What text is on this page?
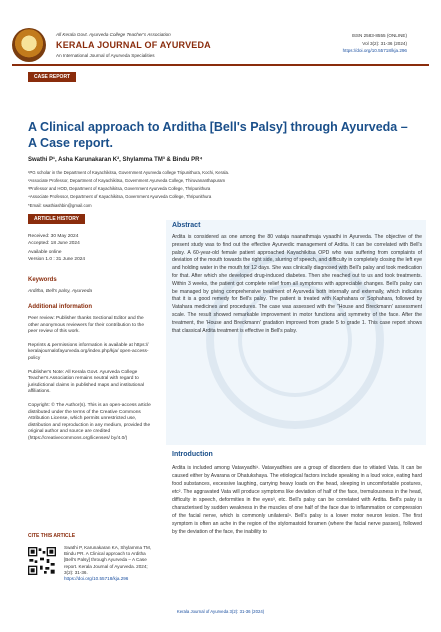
All Kerala Govt. Ayurveda College Teacher's Association
KERALA JOURNAL OF AYURVEDA
An International Journal of Ayurveda Specialities
ISSN 2583-8555 (ONLINE)
Vol 3(2): 31-36 (2024)
https://doi.org/10.55718/kja.296
CASE REPORT
A Clinical approach to Arditha [Bell's Palsy] through Ayurveda – A Case report.
Swathi P¹, Asha Karunakaran K², Shylamma TM³ & Bindu PR⁴
¹PG scholar in the Department of Kayachikitsa, Government Ayurveda college Tripunithura, Kochi, Kerala.
²Associate Professor, Department of Kayachikitsa, Government Ayurveda College, Thiruvananthapuram
³Professor and HOD, Department of Kayachikitsa, Government Ayurveda College, Thripunithura
⁴Associate Professor, Department of Kayachikitsa, Government Ayurveda College, Thripunithura
*Email: swathiashbin@gmail.com
ARTICLE HISTORY
Received: 30 May 2024
Accepted: 18 June 2024
Available online
Version 1.0 : 31 June 2024
Keywords
Arditha, Bell's palsy, Ayurveda
Additional information
Peer review: Publisher thanks Sectional Editor and the other anonymous reviewers for their contribution to the peer review of this work.
Reprints & permissions information is available at https:// keralajournalofayurveda.org/index.php/kja/ open-access-policy
Publisher's Note: All Kerala Govt. Ayurveda College Teacher's Association remains neutral with regard to jurisdictional claims in published maps and institutional affiliations.
Copyright: © The Author(s). This is an open-access article distributed under the terms of the Creative Commons Attribution License, which permits unrestricted use, distribution and reproduction in any medium, provided the original author and source are credited (https://creativecommons.org/licenses/ by/4.0/)
CITE THIS ARTICLE
Swathi P, Karunakaran KA, Shylamma TM, Bindu PR. A Clinical approach to Arditha [Bell's Palsy] through Ayurveda – A Case report. Kerala Journal of Ayurveda. 2024; 3(2): 31-36. https://doi.org/10.55718/kja.296
Abstract
Ardita is considered as one among the 80 vataja naanathmaja vyaadhi in Ayurveda. The objective of the present study was to find out the effective Ayurvedic management of Ardita. It can be correlated with Bell's palsy. A 60-year-old female patient approached Kayachikitsa OPD who was suffering from complaints of deviation of the mouth towards the right side, slurring of speech, and difficulty in completely closing the left eye and holding water in the mouth for 12 days. She was clinically diagnosed with Bell's palsy and took medication for that. After which she developed drug-induced diabetes. Then she reached out to us and took treatments. Within 3 weeks, the patient got complete relief from all symptoms with appreciable changes. Bell's palsy can be managed by giving comprehensive treatment of Ayurveda both internally and externally, which indicates that it is a good remedy for Bell's palsy. The patient is treated with Kaphahara or Sophahara, followed by Vatahara medicines and procedures. The case was assessed with the "House and Breckmann' assessment scale. The result showed remarkable improvement in motor functions and symmetry of the face. After the treatment, the 'House and Breckmann' gradation improved from grade 5 to grade 1. This case report shows that classical Ardita treatment is effective in Bell's palsy.
Introduction
Ardita is included among Vatavyadhi¹. Vatavyadhies are a group of disorders due to vitiated Vata. It can be caused either by Avarana or Dhatukshaya. The etiological factors include speaking in a loud voice, eating hard food substances, excessive laughing, carrying heavy loads on the head, sleeping in uncomfortable postures, etc². The aggravated Vata will produce symptoms like deviation of half of the face, tremulousness in the head, difficulty in speech, deformities in the eyes³, etc. Bell's palsy can be correlated with Ardita. Bell's palsy is characterised by sudden weakness in the muscles of one half of the face due to inflammation or compression of the facial nerve, which is commonly unilateral⁴. Bell's palsy is a lower motor neuron lesion. The first symptom is often an ache in the region of the stylomastoid foramen (where the facial nerve passes), followed by the deviation of the face, the inability to
Kerala Journal of Ayurveda 3(2): 31-36 (2024)
